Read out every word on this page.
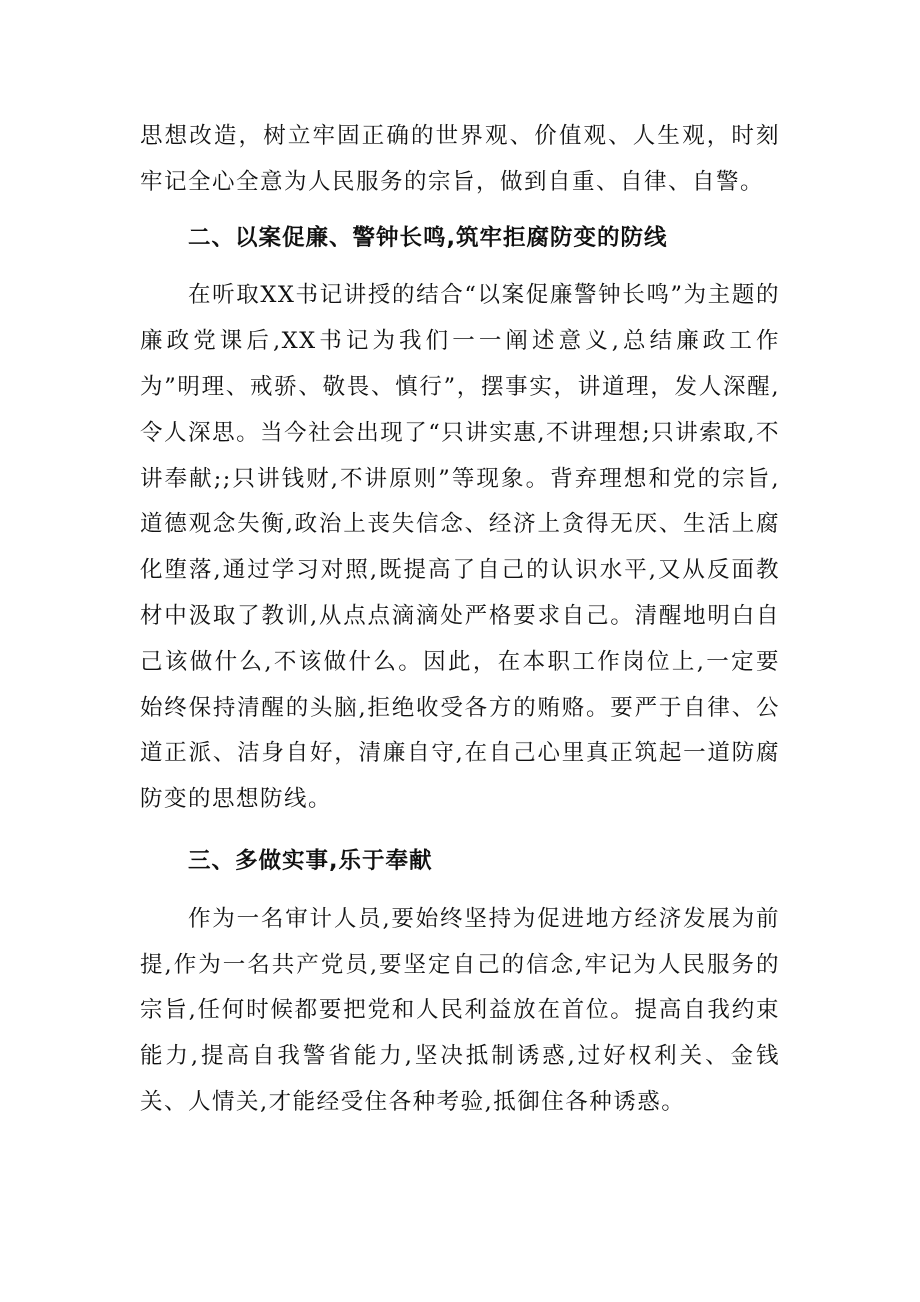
思想改造，树立牢固正确的世界观、价值观、人生观，时刻牢记全心全意为人民服务的宗旨，做到自重、自律、自警。

二、以案促廉、警钟长鸣,筑牢拒腐防变的防线

在听取XX书记讲授的结合“以案促廉警钟长鸣”为主题的廉政党课后,XX书记为我们一一阐述意义,总结廉政工作为”明理、戒骄、敬畏、慎行”，摆事实，讲道理，发人深醒,令人深思。当今社会出现了“只讲实惠,不讲理想;只讲索取,不讲奉献;;只讲钱财,不讲原则”等现象。背弃理想和党的宗旨,道德观念失衡,政治上丧失信念、经济上贪得无厌、生活上腐化堕落,通过学习对照,既提高了自己的认识水平,又从反面教材中汲取了教训,从点点滴滴处严格要求自己。清醒地明白自己该做什么,不该做什么。因此，在本职工作岗位上,一定要始终保持清醒的头脑,拒绝收受各方的贿赂。要严于自律、公道正派、洁身自好，清廉自守,在自己心里真正筑起一道防腐防变的思想防线。

三、多做实事,乐于奉献

作为一名审计人员,要始终坚持为促进地方经济发展为前提,作为一名共产党员,要坚定自己的信念,牢记为人民服务的宗旨,任何时候都要把党和人民利益放在首位。提高自我约束能力,提高自我警省能力,坚决抵制诱惑,过好权利关、金钱关、人情关,才能经受住各种考验,抵御住各种诱惑。
